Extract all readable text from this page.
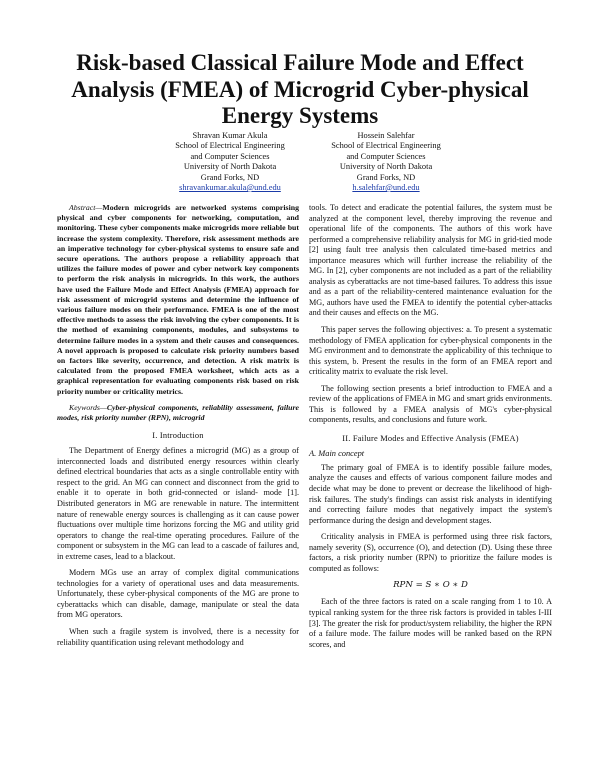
Risk-based Classical Failure Mode and Effect Analysis (FMEA) of Microgrid Cyber-physical Energy Systems
Shravan Kumar Akula
School of Electrical Engineering
and Computer Sciences
University of North Dakota
Grand Forks, ND
shravankumar.akula@und.edu
Hossein Salehfar
School of Electrical Engineering
and Computer Sciences
University of North Dakota
Grand Forks, ND
h.salehfar@und.edu

Abstract—Modern microgrids are networked systems comprising physical and cyber components for networking, computation, and monitoring. These cyber components make microgrids more reliable but increase the system complexity. Therefore, risk assessment methods are an imperative technology for cyber-physical systems to ensure safe and secure operations. The authors propose a reliability approach that utilizes the failure modes of power and cyber network key components to perform the risk analysis in microgrids. In this work, the authors have used the Failure Mode and Effect Analysis (FMEA) approach for risk assessment of microgrid systems and determine the influence of various failure modes on their performance. FMEA is one of the most effective methods to assess the risk involving the cyber components. It is the method of examining components, modules, and subsystems to determine failure modes in a system and their causes and consequences. A novel approach is proposed to calculate risk priority numbers based on factors like severity, occurrence, and detection. A risk matrix is calculated from the proposed FMEA worksheet, which acts as a graphical representation for evaluating components risk based on risk priority number or criticality metrics.

Keywords—Cyber-physical components, reliability assessment, failure modes, risk priority number (RPN), microgrid

I. Introduction

The Department of Energy defines a microgrid (MG) as a group of interconnected loads and distributed energy resources within clearly defined electrical boundaries that acts as a single controllable entity with respect to the grid. An MG can connect and disconnect from the grid to enable it to operate in both grid-connected or island- mode [1]. Distributed generators in MG are renewable in nature. The intermittent nature of renewable energy sources is challenging as it can cause power fluctuations over multiple time horizons forcing the MG and utility grid operators to change the real-time operating procedures. Failure of the component or subsystem in the MG can lead to a cascade of failures and, in extreme cases, lead to a blackout.

Modern MGs use an array of complex digital communications technologies for a variety of operational uses and data measurements. Unfortunately, these cyber-physical components of the MG are prone to cyberattacks which can disable, damage, manipulate or steal the data from MG operators.

When such a fragile system is involved, there is a necessity for reliability quantification using relevant methodology and

tools. To detect and eradicate the potential failures, the system must be analyzed at the component level, thereby improving the revenue and operational life of the components. The authors of this work have performed a comprehensive reliability analysis for MG in grid-tied mode [2] using fault tree analysis then calculated time-based metrics and importance measures which will further increase the reliability of the MG. In [2], cyber components are not included as a part of the reliability analysis as cyberattacks are not time-based failures. To address this issue and as a part of the reliability-centered maintenance evaluation for the MG, authors have used the FMEA to identify the potential cyber-attacks and their causes and effects on the MG.

This paper serves the following objectives: a. To present a systematic methodology of FMEA application for cyber-physical components in the MG environment and to demonstrate the applicability of this technique to this system, b. Present the results in the form of an FMEA report and criticality matrix to evaluate the risk level.

The following section presents a brief introduction to FMEA and a review of the applications of FMEA in MG and smart grids environments. This is followed by a FMEA analysis of MG's cyber-physical components, results, and conclusions and future work.

II. Failure Modes and Effective Analysis (FMEA)
A. Main concept

The primary goal of FMEA is to identify possible failure modes, analyze the causes and effects of various component failure modes and decide what may be done to prevent or decrease the likelihood of high-risk failures. The study's findings can assist risk analysts in identifying and correcting failure modes that negatively impact the system's performance during the design and development stages.

Criticality analysis in FMEA is performed using three risk factors, namely severity (S), occurrence (O), and detection (D). Using these three factors, a risk priority number (RPN) to prioritize the failure modes is computed as follows:

RPN = S ∗ O ∗ D

Each of the three factors is rated on a scale ranging from 1 to 10. A typical ranking system for the three risk factors is provided in tables I-III [3]. The greater the risk for product/system reliability, the higher the RPN of a failure mode. The failure modes will be ranked based on the RPN scores, and
